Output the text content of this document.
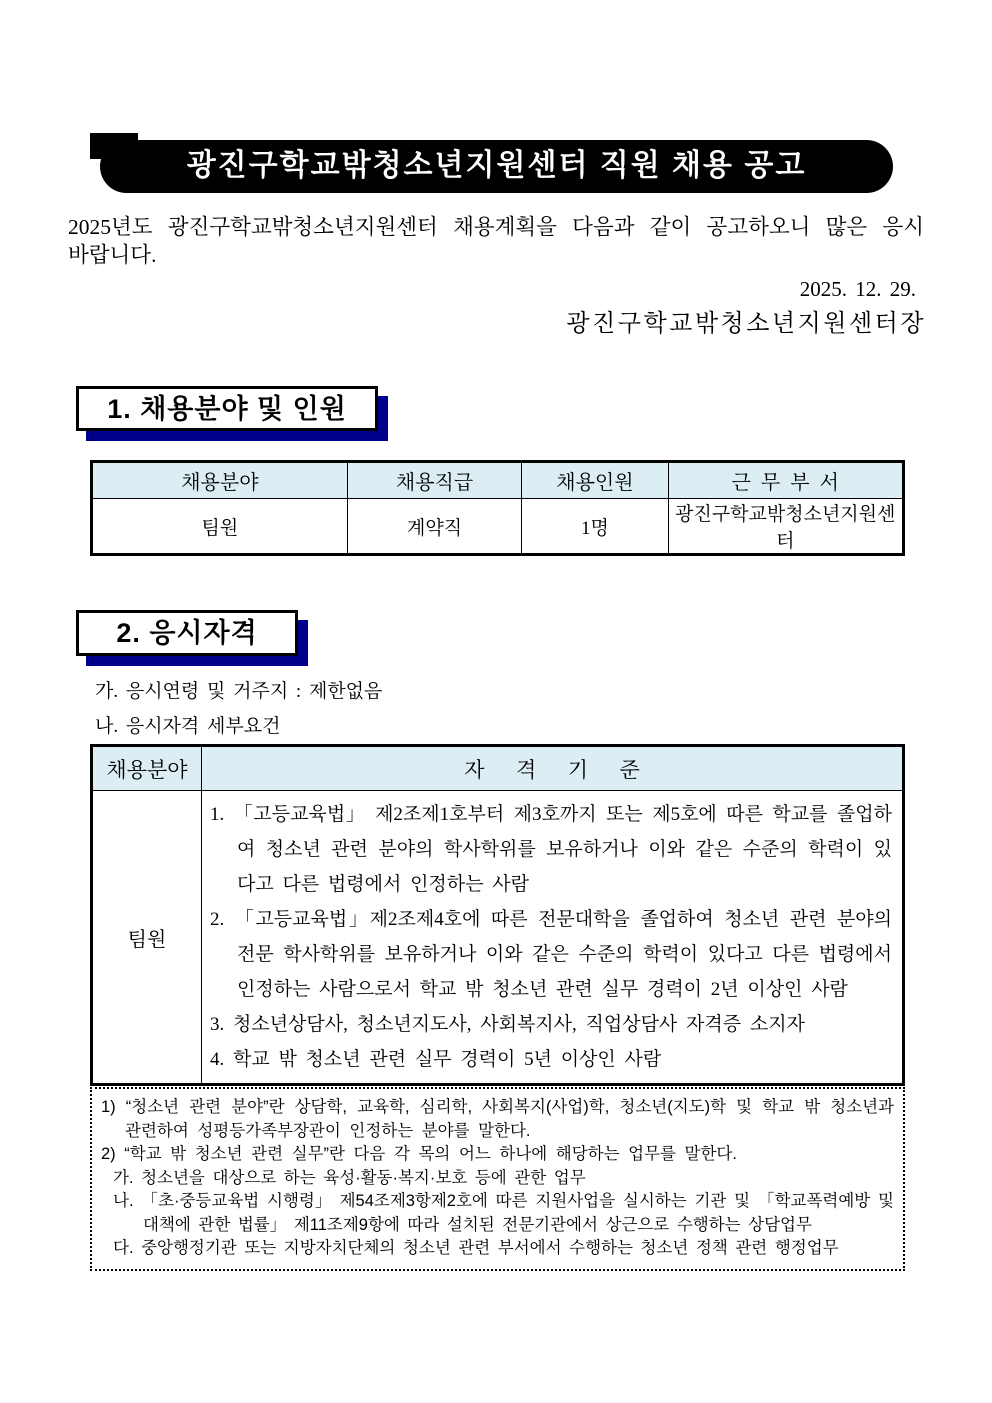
광진구학교밖청소년지원센터 직원 채용 공고
2025년도 광진구학교밖청소년지원센터 채용계획을 다음과 같이 공고하오니 많은 응시 바랍니다.
2025. 12. 29.
광진구학교밖청소년지원센터장
1. 채용분야 및 인원
채용분야	채용직급	채용인원	근  무  부  서
팀원	계약직	1명	광진구학교밖청소년지원센터
2. 응시자격
가. 응시연령 및 거주지 : 제한없음
나. 응시자격 세부요건
채용분야	자      격      기      준
팀원	1. 「고등교육법」 제2조제1호부터 제3호까지 또는 제5호에 따른 학교를 졸업하여 청소년 관련 분야의 학사학위를 보유하거나 이와 같은 수준의 학력이 있다고 다른 법령에서 인정하는 사람
2. 「고등교육법」제2조제4호에 따른 전문대학을 졸업하여 청소년 관련 분야의 전문 학사학위를 보유하거나 이와 같은 수준의 학력이 있다고 다른 법령에서 인정하는 사람으로서 학교 밖 청소년 관련 실무 경력이 2년 이상인 사람
3. 청소년상담사, 청소년지도사, 사회복지사, 직업상담사 자격증 소지자
4. 학교 밖 청소년 관련 실무 경력이 5년 이상인 사람
1) “청소년 관련 분야”란 상담학, 교육학, 심리학, 사회복지(사업)학, 청소년(지도)학 및 학교 밖 청소년과 관련하여 성평등가족부장관이 인정하는 분야를 말한다.
2) “학교 밖 청소년 관련 실무”란 다음 각 목의 어느 하나에 해당하는 업무를 말한다.
가. 청소년을 대상으로 하는 육성·활동·복지·보호 등에 관한 업무
나. 「초·중등교육법 시행령」 제54조제3항제2호에 따른 지원사업을 실시하는 기관 및 「학교폭력예방 및 대책에 관한 법률」 제11조제9항에 따라 설치된 전문기관에서 상근으로 수행하는 상담업무
다. 중앙행정기관 또는 지방자치단체의 청소년 관련 부서에서 수행하는 청소년 정책 관련 행정업무
